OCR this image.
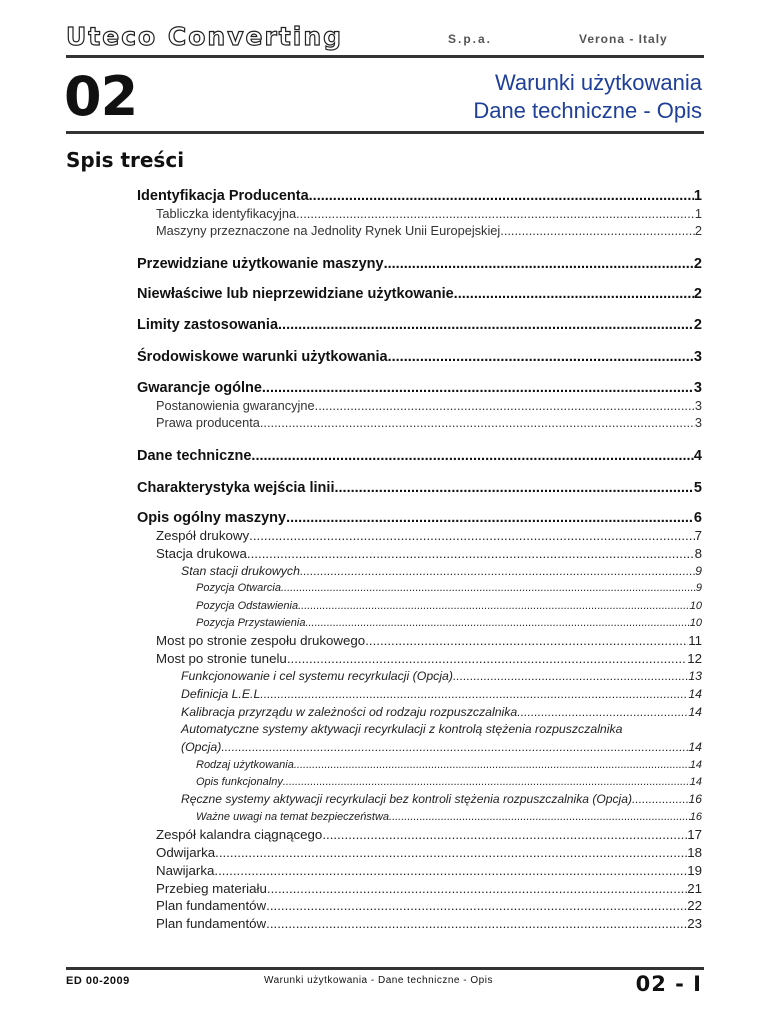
Uteco Converting	S.p.a.	Verona - Italy
02	Warunki użytkowania
Dane techniczne - Opis
Spis treści
Identyfikacja Producenta .....	1
Tabliczka identyfikacyjna .....	1
Maszyny przeznaczone na Jednolity Rynek Unii Europejskiej .....	2
Przewidziane użytkowanie maszyny .....	2
Niewłaściwe lub nieprzewidziane użytkowanie .....	2
Limity zastosowania .....	2
Środowiskowe warunki użytkowania .....	3
Gwarancje ogólne .....	3
Postanowienia gwarancyjne .....	3
Prawa producenta .....	3
Dane techniczne .....	4
Charakterystyka wejścia linii .....	5
Opis ogólny maszyny .....	6
Zespół drukowy .....	7
Stacja drukowa .....	8
Stan stacji drukowych .....	9
Pozycja Otwarcia .....	9
Pozycja Odstawienia .....	10
Pozycja Przystawienia .....	10
Most po stronie zespołu drukowego .....	11
Most po stronie tunelu .....	12
Funkcjonowanie i cel systemu recyrkulacji (Opcja) .....	13
Definicja L.E.L. .....	14
Kalibracja przyrządu w zależności od rodzaju rozpuszczalnika .....	14
Automatyczne systemy aktywacji recyrkulacji z kontrolą stężenia rozpuszczalnika
(Opcja) .....	14
Rodzaj użytkowania .....	14
Opis funkcjonalny .....	14
Ręczne systemy aktywacji recyrkulacji bez kontroli stężenia rozpuszczalnika (Opcja) .....	16
Ważne uwagi na temat bezpieczeństwa .....	16
Zespół kalandra ciągnącego .....	17
Odwijarka .....	18
Nawijarka .....	19
Przebieg materiału .....	21
Plan fundamentów .....	22
Plan fundamentów .....	23
ED 00-2009	Warunki użytkowania - Dane techniczne - Opis	02 - I
